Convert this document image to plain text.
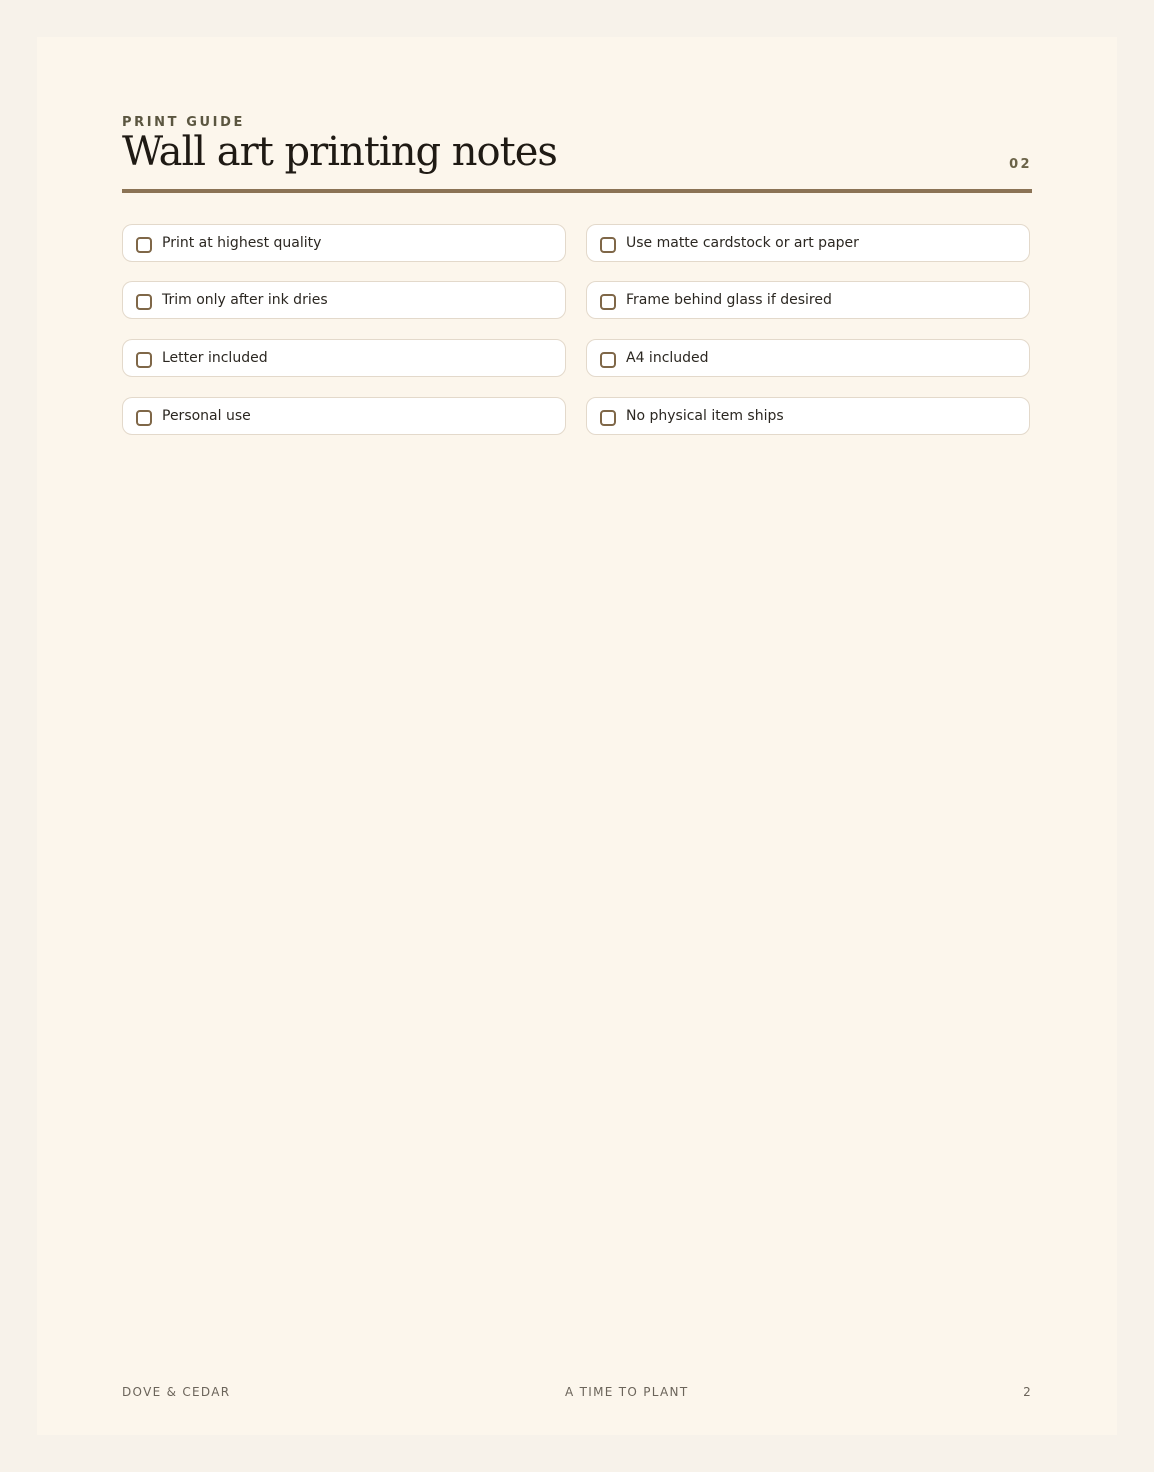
PRINT GUIDE
Wall art printing notes	02
Print at highest quality	Use matte cardstock or art paper
Trim only after ink dries	Frame behind glass if desired
Letter included	A4 included
Personal use	No physical item ships
DOVE & CEDAR	A TIME TO PLANT	2
